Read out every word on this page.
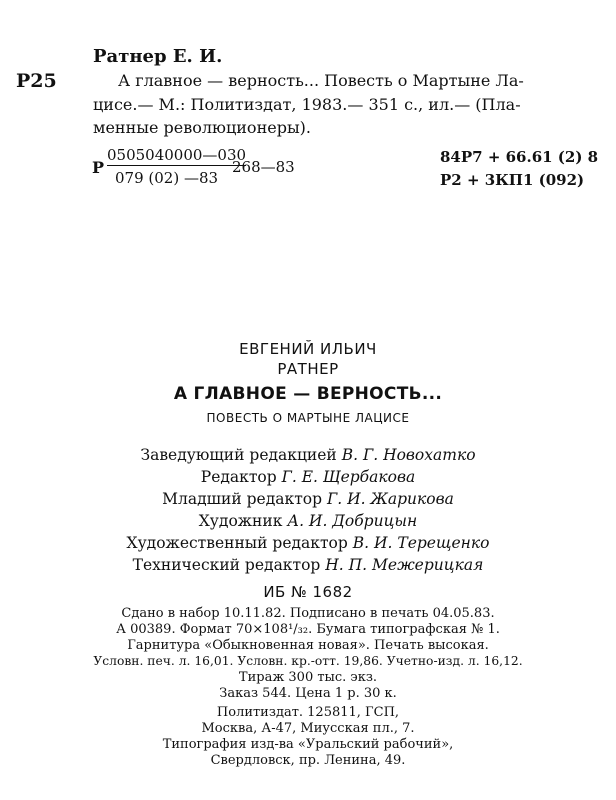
Ратнер Е. И.
Р25	А главное — верность... Повесть о Мартыне Ла-
цисе.— М.: Политиздат, 1983.— 351 с., ил.— (Пла-
менные революционеры).
Р
0505040000—030
079 (02) —83
268—83
84Р7 + 66.61 (2) 8
Р2 + 3КП1 (092)
ЕВГЕНИЙ ИЛЬИЧ
РАТНЕР
А ГЛАВНОЕ — ВЕРНОСТЬ...
ПОВЕСТЬ О МАРТЫНЕ ЛАЦИСЕ
Заведующий редакцией В. Г. Новохатко
Редактор Г. Е. Щербакова
Младший редактор Г. И. Жарикова
Художник А. И. Добрицын
Художественный редактор В. И. Терещенко
Технический редактор Н. П. Межерицкая
ИБ № 1682
Сдано в набор 10.11.82. Подписано в печать 04.05.83.
А 00389. Формат 70×108¹/₃₂. Бумага типографская № 1.
Гарнитура «Обыкновенная новая». Печать высокая.
Условн. печ. л. 16,01. Условн. кр.-отт. 19,86. Учетно-изд. л. 16,12.
Тираж 300 тыс. экз.
Заказ 544. Цена 1 р. 30 к.
Политиздат. 125811, ГСП,
Москва, А-47, Миусская пл., 7.
Типография изд-ва «Уральский рабочий»,
Свердловск, пр. Ленина, 49.
